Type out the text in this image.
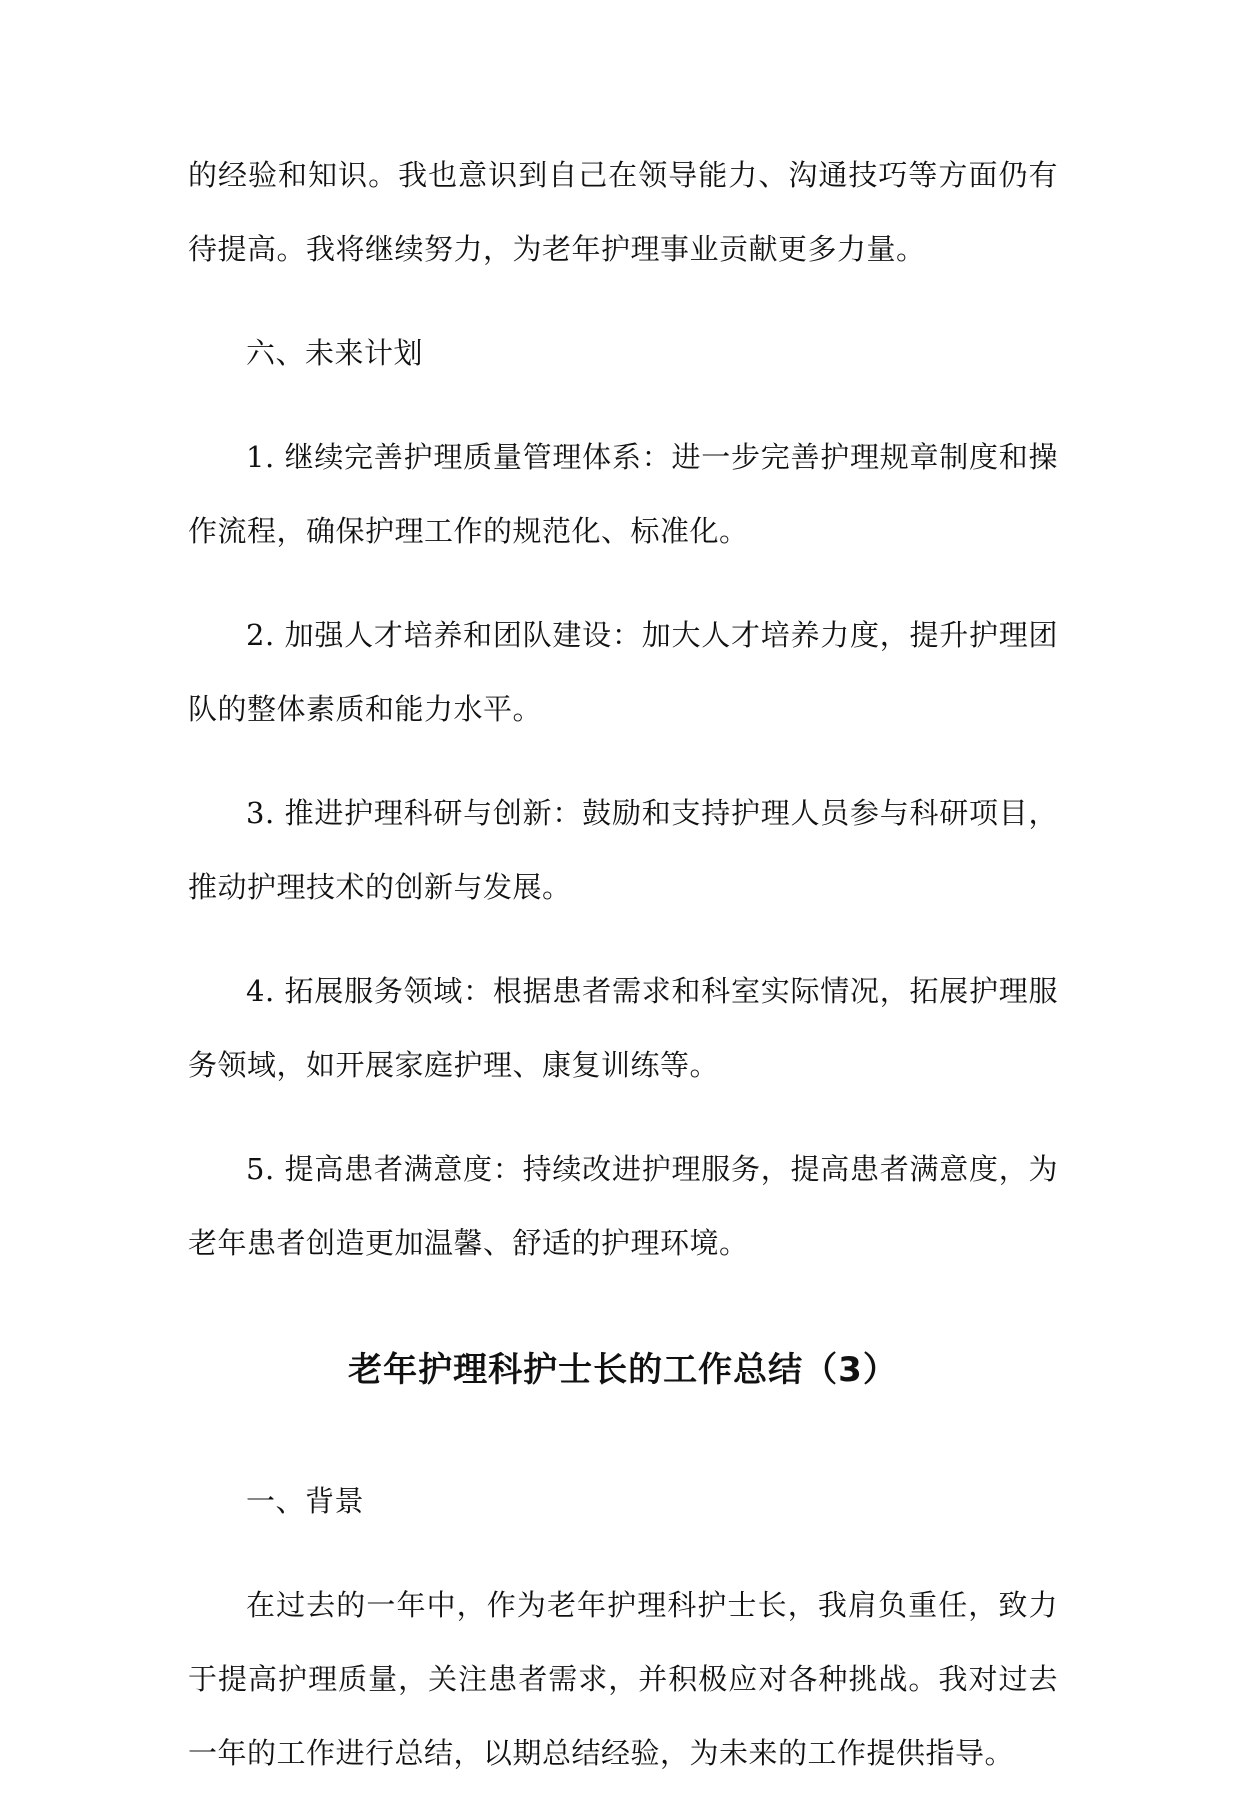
的经验和知识。我也意识到自己在领导能力、沟通技巧等方面仍有待提高。我将继续努力，为老年护理事业贡献更多力量。

六、未来计划

1. 继续完善护理质量管理体系：进一步完善护理规章制度和操作流程，确保护理工作的规范化、标准化。

2. 加强人才培养和团队建设：加大人才培养力度，提升护理团队的整体素质和能力水平。

3. 推进护理科研与创新：鼓励和支持护理人员参与科研项目，推动护理技术的创新与发展。

4. 拓展服务领域：根据患者需求和科室实际情况，拓展护理服务领域，如开展家庭护理、康复训练等。

5. 提高患者满意度：持续改进护理服务，提高患者满意度，为老年患者创造更加温馨、舒适的护理环境。

老年护理科护士长的工作总结（3）

一、背景

在过去的一年中，作为老年护理科护士长，我肩负重任，致力于提高护理质量，关注患者需求，并积极应对各种挑战。我对过去一年的工作进行总结，以期总结经验，为未来的工作提供指导。
